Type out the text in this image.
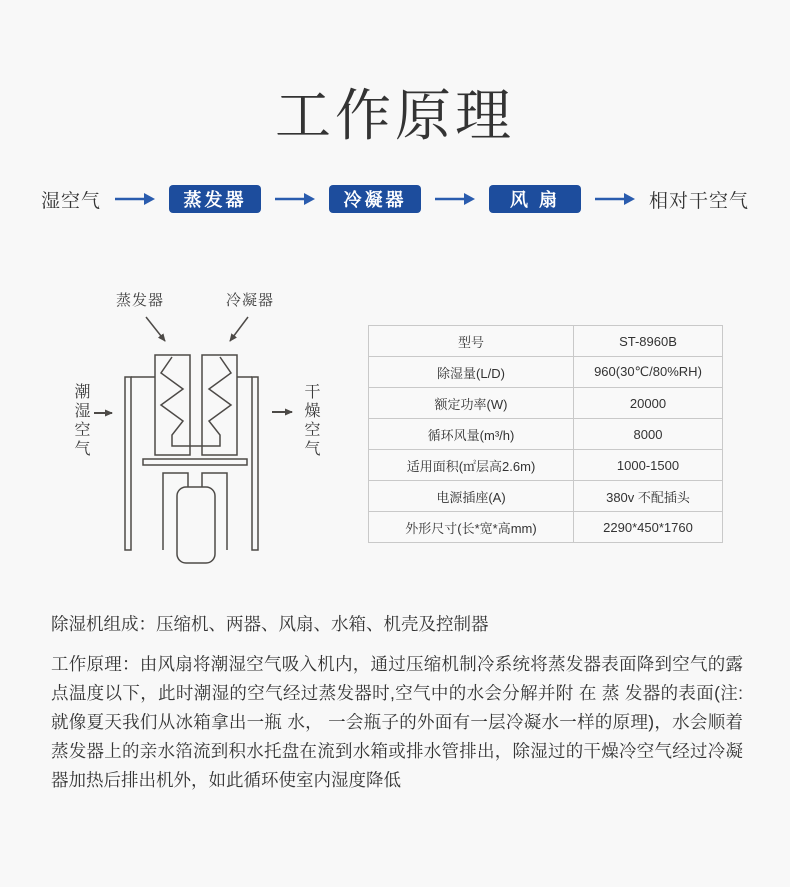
工作原理
湿空气	蒸发器	冷凝器	风 扇	相对干空气
蒸发器	冷凝器
潮湿空气	干燥空气
型号	ST-8960B
除湿量(L/D)	960(30℃/80%RH)
额定功率(W)	20000
循环风量(m³/h)	8000
适用面积(㎡层高2.6m)	1000-1500
电源插座(A)	380v 不配插头
外形尺寸(长*宽*高mm)	2290*450*1760
除湿机组成：压缩机、两器、风扇、水箱、机壳及控制器
工作原理：由风扇将潮湿空气吸入机内，通过压缩机制冷系统将蒸发器表面降到空气的露点温度以下，此时潮湿的空气经过蒸发器时,空气中的水会分解并附 在 蒸 发器的表面(注:就像夏天我们从冰箱拿出一瓶 水， 一会瓶子的外面有一层冷凝水一样的原理)，水会顺着蒸发器上的亲水箔流到积水托盘在流到水箱或排水管排出，除湿过的干燥冷空气经过冷凝器加热后排出机外，如此循环使室内湿度降低
